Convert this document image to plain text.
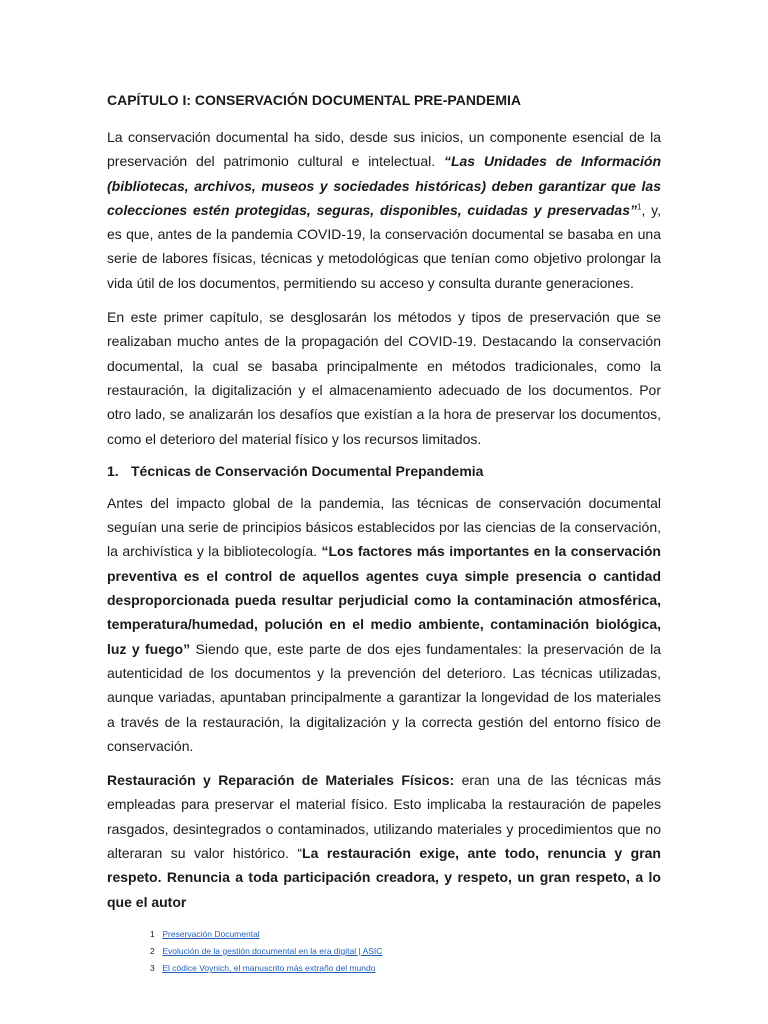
CAPÍTULO I: CONSERVACIÓN DOCUMENTAL PRE-PANDEMIA

La conservación documental ha sido, desde sus inicios, un componente esencial de la preservación del patrimonio cultural e intelectual. “Las Unidades de Información (bibliotecas, archivos, museos y sociedades históricas) deben garantizar que las colecciones estén protegidas, seguras, disponibles, cuidadas y preservadas”$^1$, y, es que, antes de la pandemia COVID-19, la conservación documental se basaba en una serie de labores físicas, técnicas y metodológicas que tenían como objetivo prolongar la vida útil de los documentos, permitiendo su acceso y consulta durante generaciones.

En este primer capítulo, se desglosarán los métodos y tipos de preservación que se realizaban mucho antes de la propagación del COVID-19. Destacando la conservación documental, la cual se basaba principalmente en métodos tradicionales, como la restauración, la digitalización y el almacenamiento adecuado de los documentos. Por otro lado, se analizarán los desafíos que existían a la hora de preservar los documentos, como el deterioro del material físico y los recursos limitados.

1. Técnicas de Conservación Documental Prepandemia

Antes del impacto global de la pandemia, las técnicas de conservación documental seguían una serie de principios básicos establecidos por las ciencias de la conservación, la archivística y la bibliotecología. “Los factores más importantes en la conservación preventiva es el control de aquellos agentes cuya simple presencia o cantidad desproporcionada pueda resultar perjudicial como la contaminación atmosférica, temperatura/humedad, polución en el medio ambiente, contaminación biológica, luz y fuego” Siendo que, este parte de dos ejes fundamentales: la preservación de la autenticidad de los documentos y la prevención del deterioro. Las técnicas utilizadas, aunque variadas, apuntaban principalmente a garantizar la longevidad de los materiales a través de la restauración, la digitalización y la correcta gestión del entorno físico de conservación.

Restauración y Reparación de Materiales Físicos: eran una de las técnicas más empleadas para preservar el material físico. Esto implicaba la restauración de papeles rasgados, desintegrados o contaminados, utilizando materiales y procedimientos que no alteraran su valor histórico. “La restauración exige, ante todo, renuncia y gran respeto. Renuncia a toda participación creadora, y respeto, un gran respeto, a lo que el autor

1 Preservación Documental
2 Evolución de la gestión documental en la era digital | ASIC
3 El códice Voynich, el manuscrito más extraño del mundo
